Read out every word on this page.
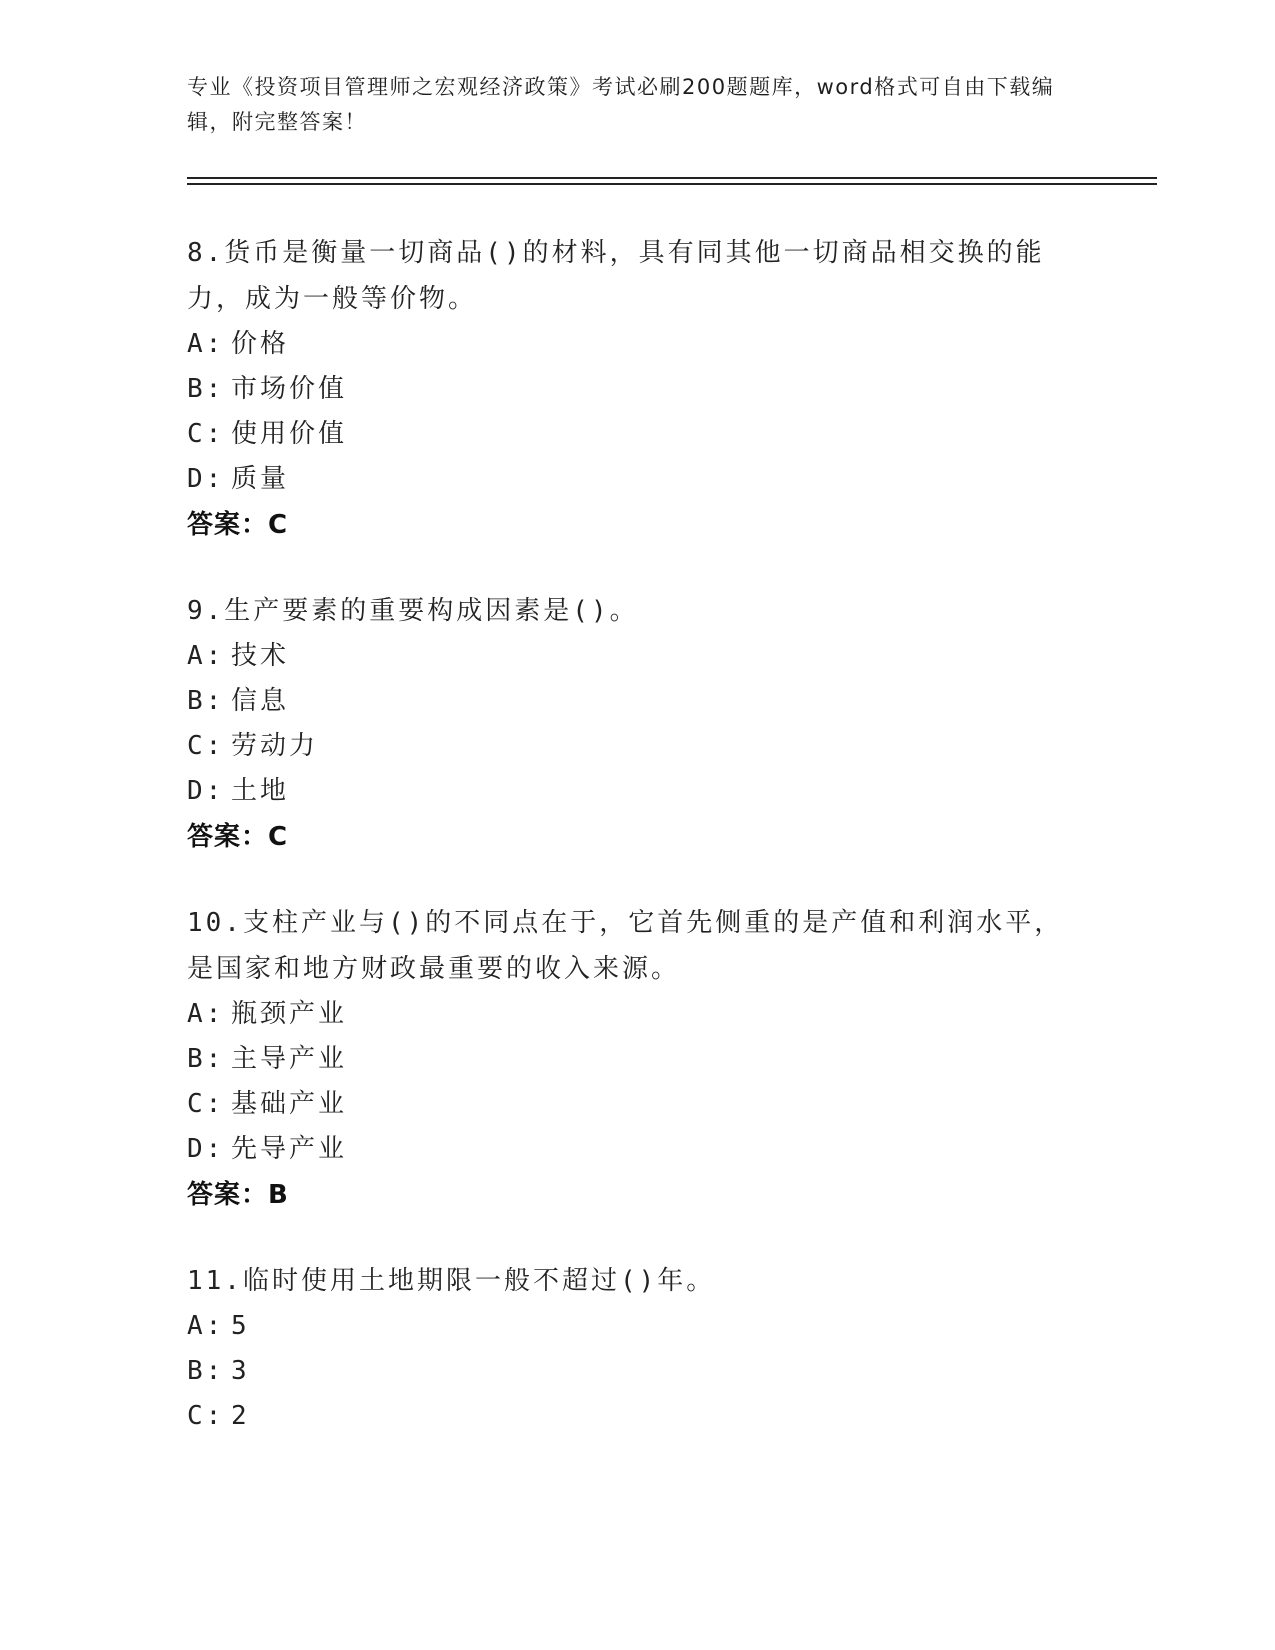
专业《投资项目管理师之宏观经济政策》考试必刷200题题库，word格式可自由下载编辑，附完整答案！
8.货币是衡量一切商品()的材料，具有同其他一切商品相交换的能力，成为一般等价物。
A: 价格
B: 市场价值
C: 使用价值
D: 质量
答案：C
9.生产要素的重要构成因素是()。
A: 技术
B: 信息
C: 劳动力
D: 土地
答案：C
10.支柱产业与()的不同点在于，它首先侧重的是产值和利润水平，是国家和地方财政最重要的收入来源。
A: 瓶颈产业
B: 主导产业
C: 基础产业
D: 先导产业
答案：B
11.临时使用土地期限一般不超过()年。
A: 5
B: 3
C: 2
